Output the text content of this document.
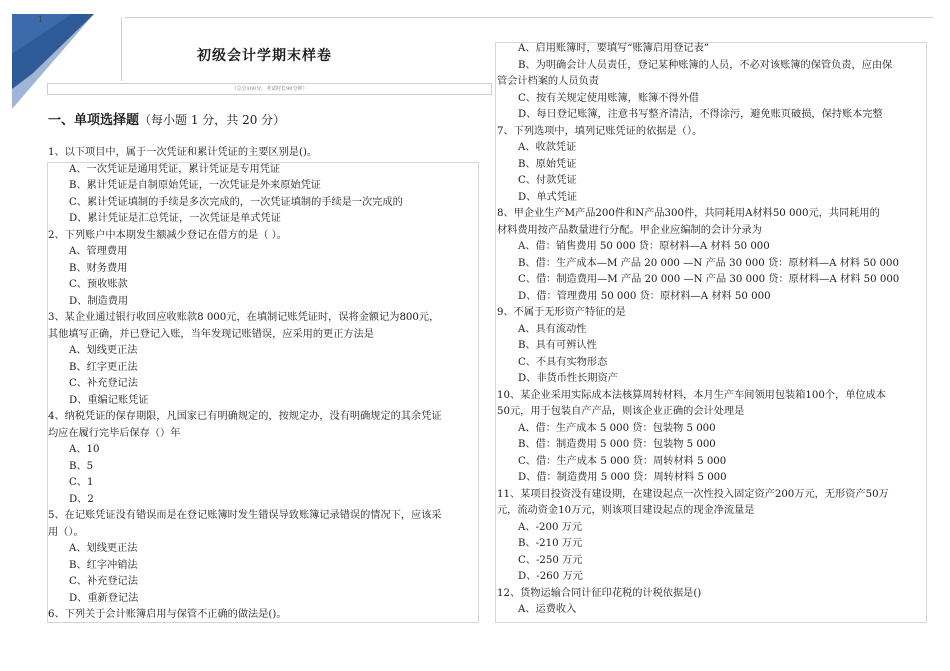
1
初级会计学期末样卷
（总分100分，考试时长90分钟）
一、单项选择题（每小题 1 分，共 20 分）
1、以下项目中，属于一次凭证和累计凭证的主要区别是()。
A、一次凭证是通用凭证，累计凭证是专用凭证
B、累计凭证是自制原始凭证，一次凭证是外来原始凭证
C、累计凭证填制的手续是多次完成的，一次凭证填制的手续是一次完成的
D、累计凭证是汇总凭证，一次凭证是单式凭证
2、下列账户中本期发生额减少登记在借方的是（ ）。
A、管理费用
B、财务费用
C、预收账款
D、制造费用
3、某企业通过银行收回应收账款8 000元，在填制记账凭证时，误将金额记为800元，
其他填写正确，并已登记入账，当年发现记账错误，应采用的更正方法是
A、划线更正法
B、红字更正法
C、补充登记法
D、重编记账凭证
4、纳税凭证的保存期限，凡国家已有明确规定的，按规定办，没有明确规定的其余凭证
均应在履行完毕后保存（）年
A、10
B、5
C、1
D、2
5、在记账凭证没有错误而是在登记账簿时发生错误导致账簿记录错误的情况下，应该采
用（）。
A、划线更正法
B、红字冲销法
C、补充登记法
D、重新登记法
6、下列关于会计账簿启用与保管不正确的做法是()。
A、启用账簿时，要填写“账簿启用登记表”
B、为明确会计人员责任，登记某种账簿的人员，不必对该账簿的保管负责，应由保
管会计档案的人员负责
C、按有关规定使用账簿，账簿不得外借
D、每日登记账簿，注意书写整齐清洁，不得涂污，避免账页破损，保持账本完整
7、下列选项中，填列记账凭证的依据是（）。
A、收款凭证
B、原始凭证
C、付款凭证
D、单式凭证
8、甲企业生产M产品200件和N产品300件，共同耗用A材料50 000元，共同耗用的
材料费用按产品数量进行分配。甲企业应编制的会计分录为
A、借：销售费用 50 000 贷：原材料—A 材料 50 000
B、借：生产成本—M 产品 20 000 —N 产品 30 000 贷：原材料—A 材料 50 000
C、借：制造费用—M 产品 20 000 —N 产品 30 000 贷：原材料—A 材料 50 000
D、借：管理费用 50 000 贷：原材料—A 材料 50 000
9、不属于无形资产特征的是
A、具有流动性
B、具有可辨认性
C、不具有实物形态
D、非货币性长期资产
10、某企业采用实际成本法核算周转材料，本月生产车间领用包装箱100个，单位成本
50元，用于包装自产产品，则该企业正确的会计处理是
A、借：生产成本 5 000 贷：包装物 5 000
B、借：制造费用 5 000 贷：包装物 5 000
C、借：生产成本 5 000 贷：周转材料 5 000
D、借：制造费用 5 000 贷：周转材料 5 000
11、某项目投资没有建设期，在建设起点一次性投入固定资产200万元，无形资产50万
元，流动资金10万元，则该项目建设起点的现金净流量是
A、-200 万元
B、-210 万元
C、-250 万元
D、-260 万元
12、货物运输合同计征印花税的计税依据是()
A、运费收入
